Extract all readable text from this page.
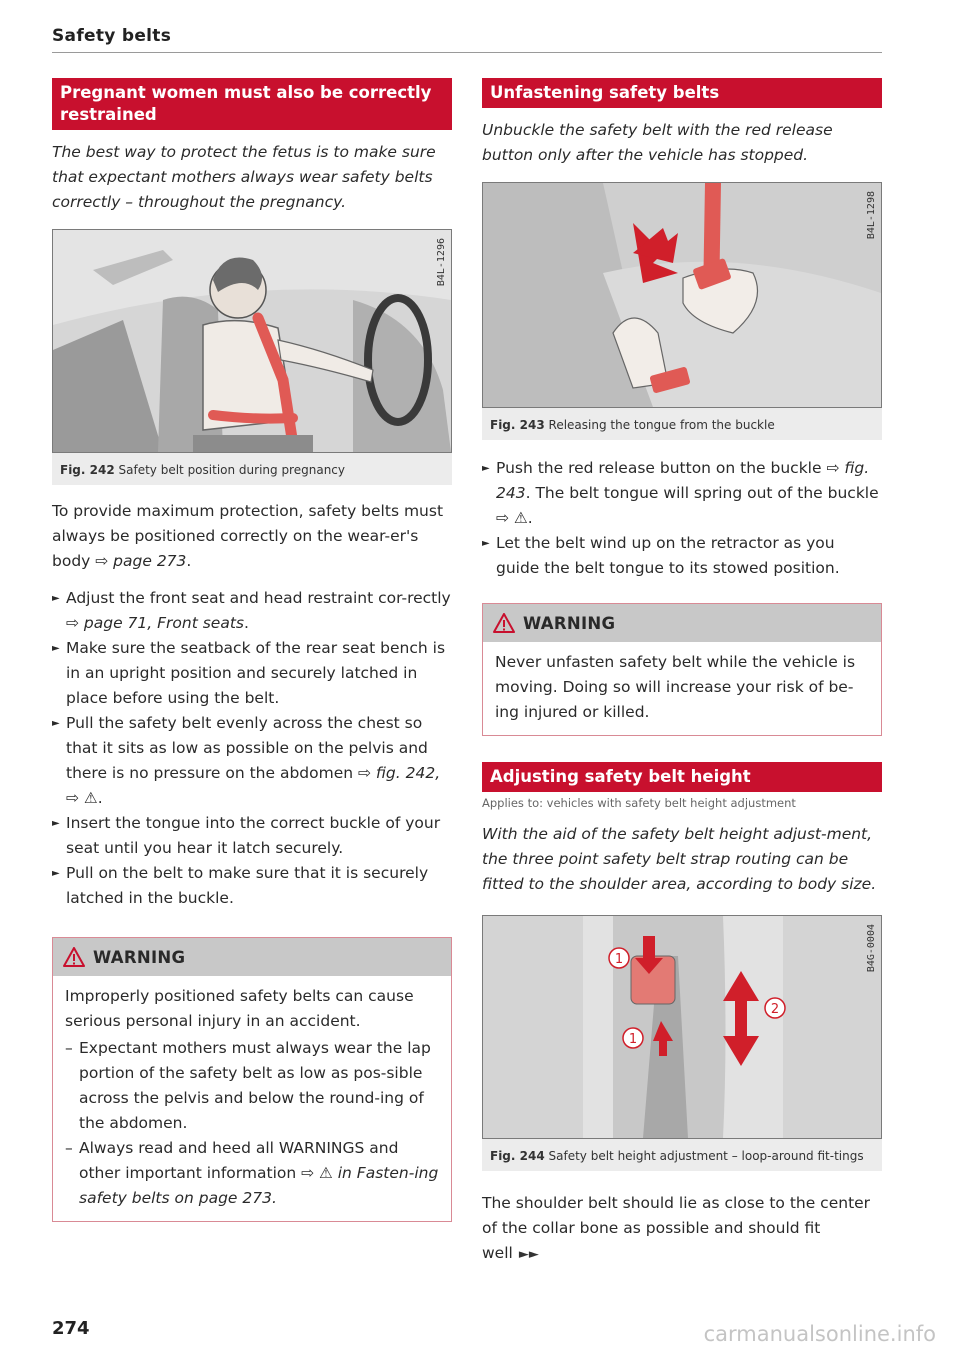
Safety belts
Pregnant women must also be correctly restrained
The best way to protect the fetus is to make sure that expectant mothers always wear safety belts correctly – throughout the pregnancy.
B4L-1296
Fig. 242 Safety belt position during pregnancy
To provide maximum protection, safety belts must always be positioned correctly on the wear-er's body ⇨ page 273.
► Adjust the front seat and head restraint cor-rectly ⇨ page 71, Front seats.
► Make sure the seatback of the rear seat bench is in an upright position and securely latched in place before using the belt.
► Pull the safety belt evenly across the chest so that it sits as low as possible on the pelvis and there is no pressure on the abdomen ⇨ fig. 242, ⇨ ⚠.
► Insert the tongue into the correct buckle of your seat until you hear it latch securely.
► Pull on the belt to make sure that it is securely latched in the buckle.
WARNING
Improperly positioned safety belts can cause serious personal injury in an accident.
– Expectant mothers must always wear the lap portion of the safety belt as low as pos-sible across the pelvis and below the round-ing of the abdomen.
– Always read and heed all WARNINGS and other important information ⇨ ⚠ in Fasten-ing safety belts on page 273.
Unfastening safety belts
Unbuckle the safety belt with the red release button only after the vehicle has stopped.
B4L-1298
Fig. 243 Releasing the tongue from the buckle
► Push the red release button on the buckle ⇨ fig. 243. The belt tongue will spring out of the buckle ⇨ ⚠.
► Let the belt wind up on the retractor as you guide the belt tongue to its stowed position.
WARNING
Never unfasten safety belt while the vehicle is moving. Doing so will increase your risk of be-ing injured or killed.
Adjusting safety belt height
Applies to: vehicles with safety belt height adjustment
With the aid of the safety belt height adjust-ment, the three point safety belt strap routing can be fitted to the shoulder area, according to body size.
1
1
2
B4G-0004
Fig. 244 Safety belt height adjustment – loop-around fit-tings
The shoulder belt should lie as close to the center of the collar bone as possible and should fit well ►►
274	carmanualsonline.info
